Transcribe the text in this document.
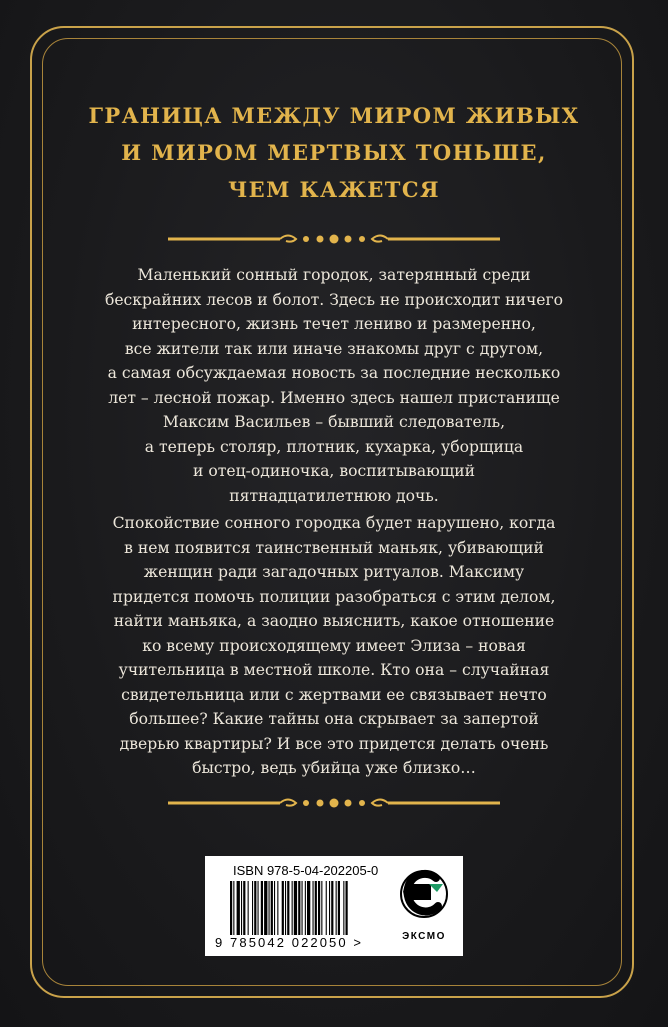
ГРАНИЦА МЕЖДУ МИРОМ ЖИВЫХ
И МИРОМ МЕРТВЫХ ТОНЬШЕ,
ЧЕМ КАЖЕТСЯ
Маленький сонный городок, затерянный среди
бескрайних лесов и болот. Здесь не происходит ничего
интересного, жизнь течет лениво и размеренно,
все жители так или иначе знакомы друг с другом,
а самая обсуждаемая новость за последние несколько
лет – лесной пожар. Именно здесь нашел пристанище
Максим Васильев – бывший следователь,
а теперь столяр, плотник, кухарка, уборщица
и отец-одиночка, воспитывающий
пятнадцатилетнюю дочь.
Спокойствие сонного городка будет нарушено, когда
в нем появится таинственный маньяк, убивающий
женщин ради загадочных ритуалов. Максиму
придется помочь полиции разобраться с этим делом,
найти маньяка, а заодно выяснить, какое отношение
ко всему происходящему имеет Элиза – новая
учительница в местной школе. Кто она – случайная
свидетельница или с жертвами ее связывает нечто
большее? Какие тайны она скрывает за запертой
дверью квартиры? И все это придется делать очень
быстро, ведь убийца уже близко…
ISBN 978-5-04-202205-0
9 785042 022050 >	ЭКСМО
